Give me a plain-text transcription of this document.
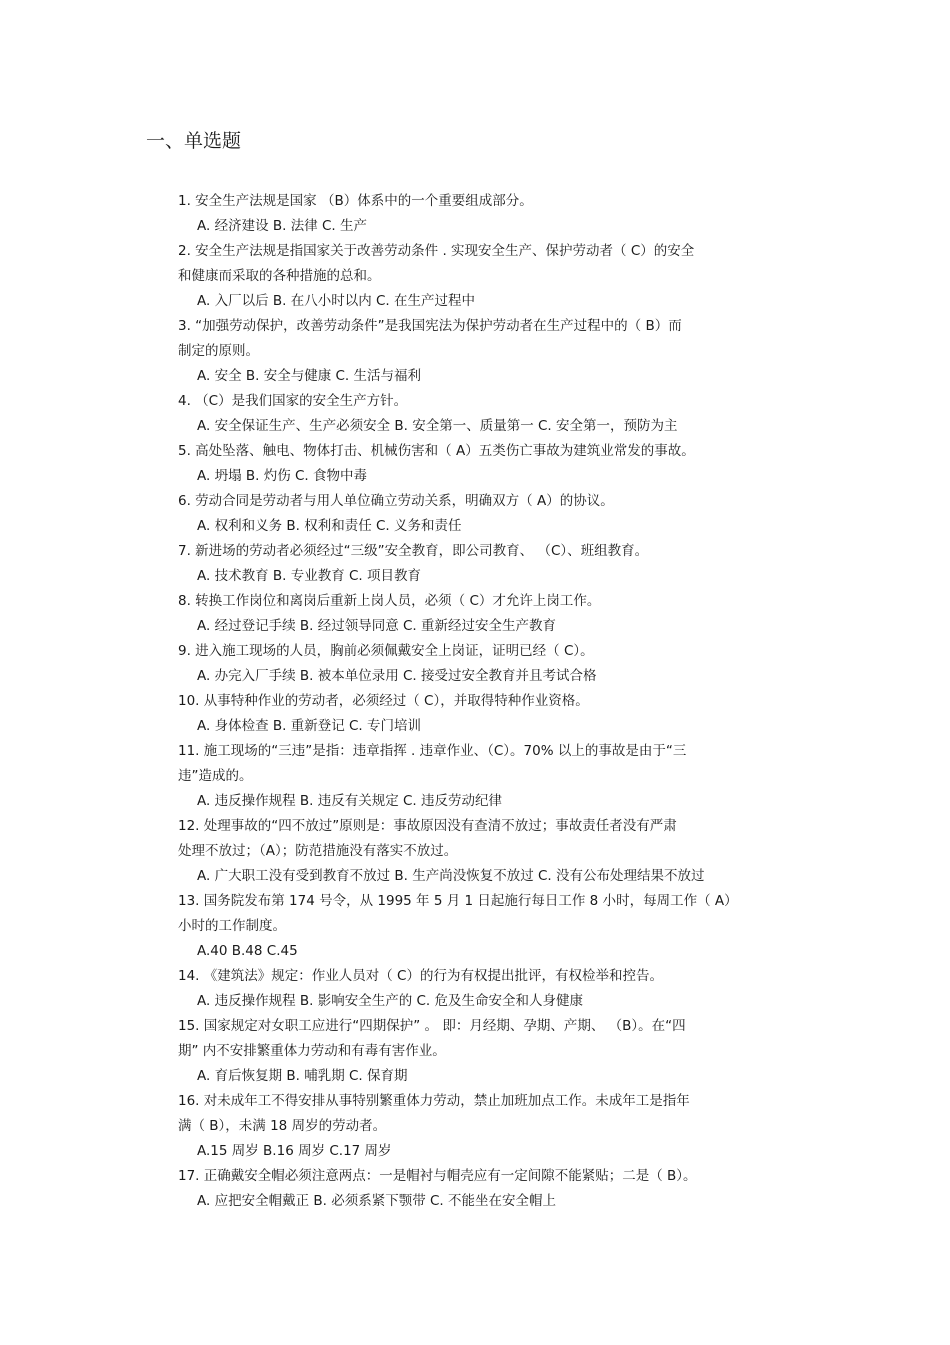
一、单选题
1. 安全生产法规是国家 （B）体系中的一个重要组成部分。
A. 经济建设 B. 法律 C. 生产
2. 安全生产法规是指国家关于改善劳动条件 . 实现安全生产、保护劳动者（ C）的安全
和健康而采取的各种措施的总和。
A. 入厂以后 B. 在八小时以内 C. 在生产过程中
3. “加强劳动保护，改善劳动条件”是我国宪法为保护劳动者在生产过程中的（ B）而
制定的原则。
A. 安全 B. 安全与健康 C. 生活与福利
4. （C）是我们国家的安全生产方针。
A. 安全保证生产、生产必须安全 B. 安全第一、质量第一 C. 安全第一，预防为主
5. 高处坠落、触电、物体打击、机械伤害和（ A）五类伤亡事故为建筑业常发的事故。
A. 坍塌 B. 灼伤 C. 食物中毒
6. 劳动合同是劳动者与用人单位确立劳动关系，明确双方（ A）的协议。
A. 权利和义务 B. 权利和责任 C. 义务和责任
7. 新进场的劳动者必须经过“三级”安全教育，即公司教育、 （C）、班组教育。
A. 技术教育 B. 专业教育 C. 项目教育
8. 转换工作岗位和离岗后重新上岗人员，必须（ C）才允许上岗工作。
A. 经过登记手续 B. 经过领导同意 C. 重新经过安全生产教育
9. 进入施工现场的人员，胸前必须佩戴安全上岗证，证明已经（ C）。
A. 办完入厂手续 B. 被本单位录用 C. 接受过安全教育并且考试合格
10. 从事特种作业的劳动者，必须经过（ C），并取得特种作业资格。
A. 身体检查 B. 重新登记 C. 专门培训
11. 施工现场的“三违”是指：违章指挥 . 违章作业、（C）。70% 以上的事故是由于“三
违”造成的。
A. 违反操作规程 B. 违反有关规定 C. 违反劳动纪律
12. 处理事故的“四不放过”原则是：事故原因没有查清不放过；事故责任者没有严肃
处理不放过；（A）；防范措施没有落实不放过。
A. 广大职工没有受到教育不放过 B. 生产尚没恢复不放过 C. 没有公布处理结果不放过
13. 国务院发布第 174 号令，从 1995 年 5 月 1 日起施行每日工作 8 小时，每周工作（ A）
小时的工作制度。
A.40 B.48 C.45
14. 《建筑法》规定：作业人员对（ C）的行为有权提出批评，有权检举和控告。
A. 违反操作规程 B. 影响安全生产的 C. 危及生命安全和人身健康
15. 国家规定对女职工应进行“四期保护” 。 即：月经期、孕期、产期、 （B）。在“四
期” 内不安排繁重体力劳动和有毒有害作业。
A. 育后恢复期 B. 哺乳期 C. 保育期
16. 对未成年工不得安排从事特别繁重体力劳动，禁止加班加点工作。未成年工是指年
满（ B），未满 18 周岁的劳动者。
A.15 周岁 B.16 周岁 C.17 周岁
17. 正确戴安全帽必须注意两点：一是帽衬与帽壳应有一定间隙不能紧贴；二是（ B）。
A. 应把安全帽戴正 B. 必须系紧下颚带 C. 不能坐在安全帽上
